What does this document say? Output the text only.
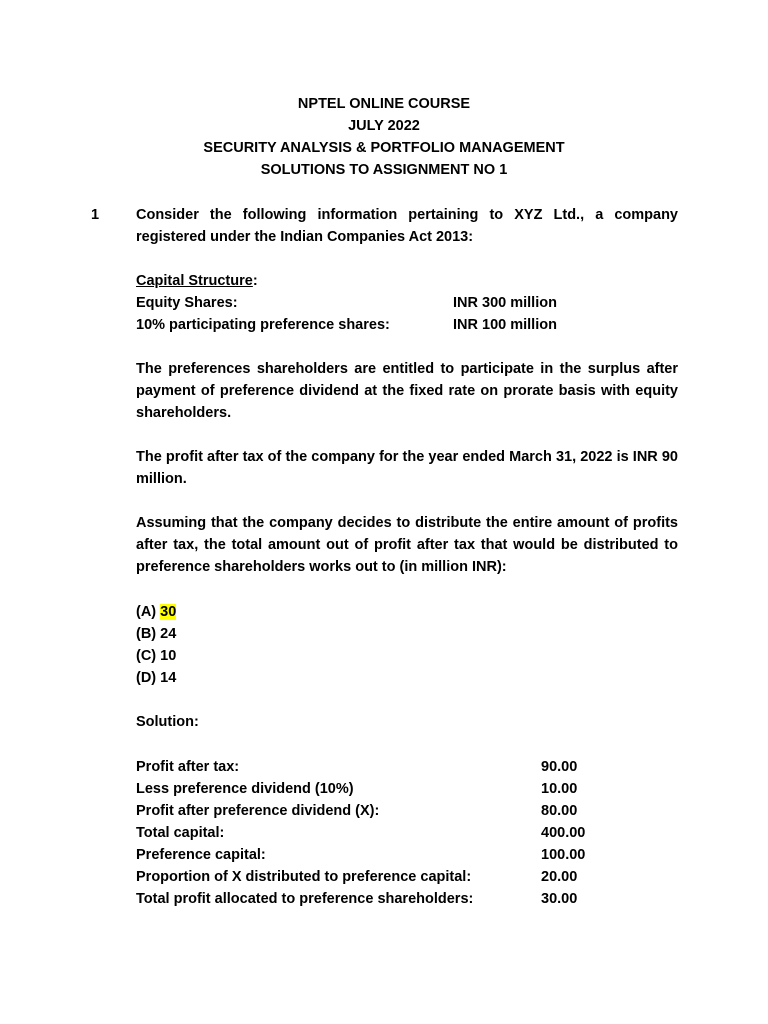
NPTEL ONLINE COURSE
JULY 2022
SECURITY ANALYSIS & PORTFOLIO MANAGEMENT
SOLUTIONS TO ASSIGNMENT NO 1
1	Consider the following information pertaining to XYZ Ltd., a company registered under the Indian Companies Act 2013:
Capital Structure:
Equity Shares:	INR 300 million
10% participating preference shares:	INR 100 million
The preferences shareholders are entitled to participate in the surplus after payment of preference dividend at the fixed rate on prorate basis with equity shareholders.
The profit after tax of the company for the year ended March 31, 2022 is INR 90 million.
Assuming that the company decides to distribute the entire amount of profits after tax, the total amount out of profit after tax that would be distributed to preference shareholders works out to (in million INR):
(A) 30
(B) 24
(C) 10
(D) 14
Solution:
Profit after tax:	90.00
Less preference dividend (10%)	10.00
Profit after preference dividend (X):	80.00
Total capital:	400.00
Preference capital:	100.00
Proportion of X distributed to preference capital:	20.00
Total profit allocated to preference shareholders:	30.00
